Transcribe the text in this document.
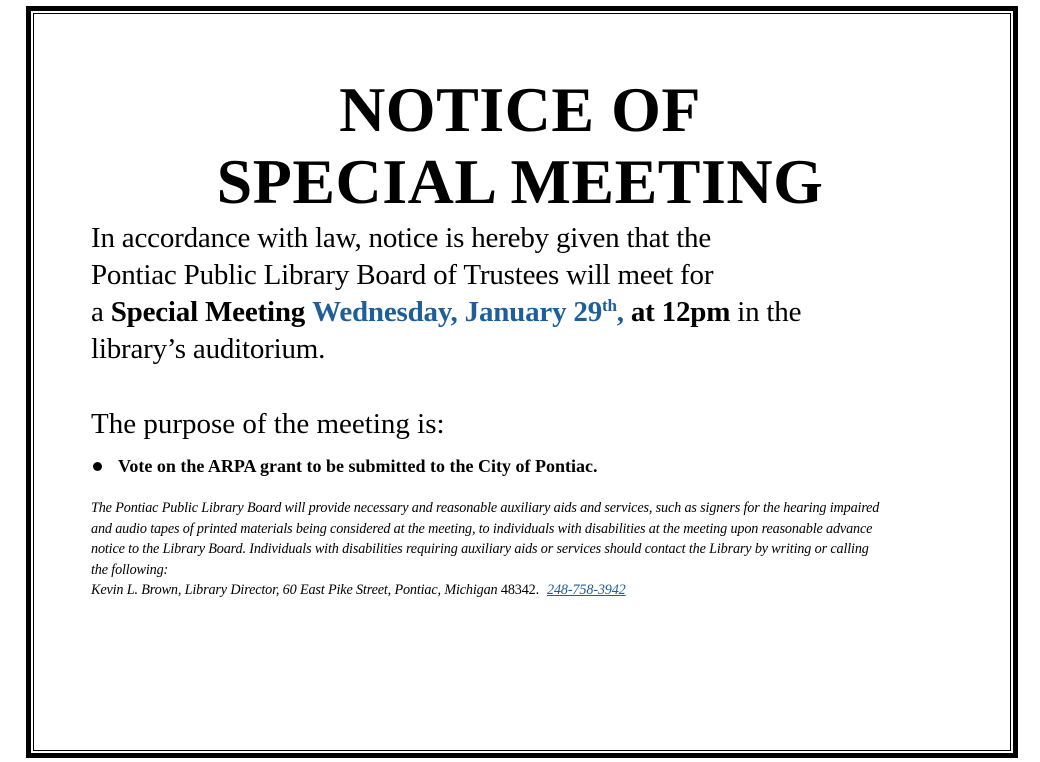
NOTICE OF
SPECIAL MEETING

In accordance with law, notice is hereby given that the
Pontiac Public Library Board of Trustees will meet for
a Special Meeting Wednesday, January 29th, at 12pm in the
library’s auditorium.

The purpose of the meeting is:

Vote on the ARPA grant to be submitted to the City of Pontiac.
The Pontiac Public Library Board will provide necessary and reasonable auxiliary aids and services, such as signers for the hearing impaired
and audio tapes of printed materials being considered at the meeting, to individuals with disabilities at the meeting upon reasonable advance
notice to the Library Board. Individuals with disabilities requiring auxiliary aids or services should contact the Library by writing or calling
the following:
Kevin L. Brown, Library Director, 60 East Pike Street, Pontiac, Michigan 48342. 248-758-3942
